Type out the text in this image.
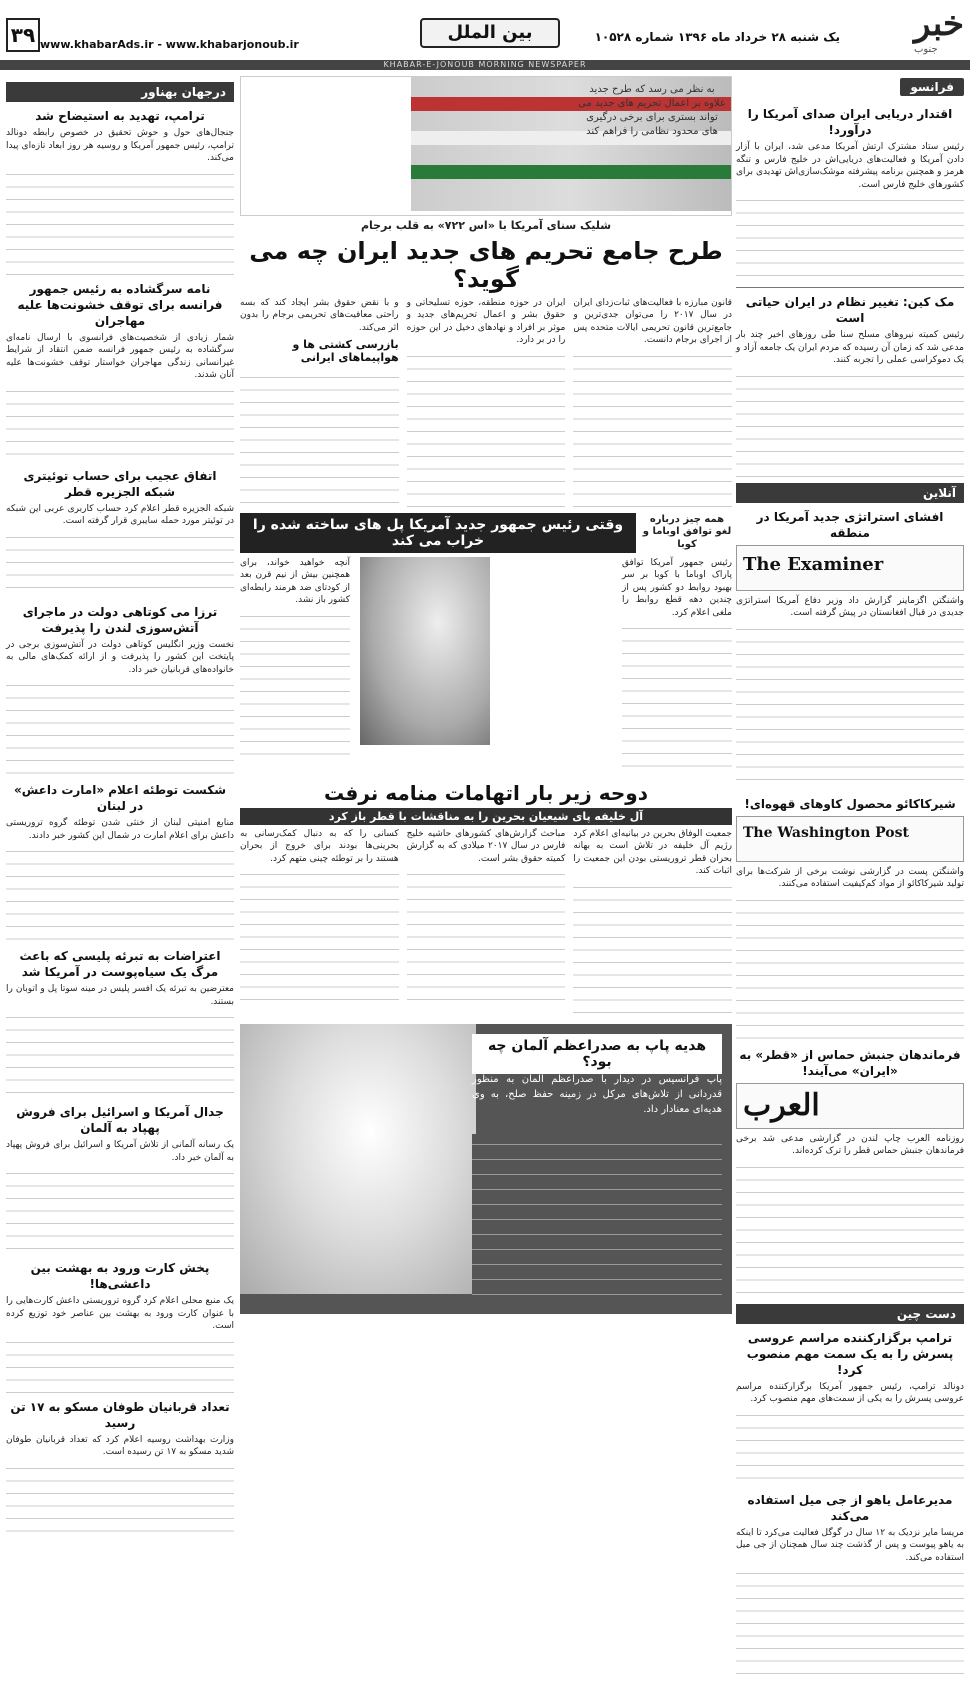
خبر
جنوب
یک شنبه ۲۸ خرداد ماه ۱۳۹۶ شماره ۱۰۵۲۸
بین الملل
www.khabarAds.ir - www.khabarjonoub.ir
۳۹
KHABAR-E-JONOUB MORNING NEWSPAPER
فرانسو
اقتدار دریایی ایران صدای آمریکا را درآورد!
رئیس ستاد مشترک ارتش آمریکا مدعی شد، ایران با آزار دادن آمریکا و فعالیت‌های دریایی‌اش در خلیج فارس و تنگه هرمز و همچنین برنامه پیشرفته موشک‌سازی‌اش تهدیدی برای کشورهای خلیج فارس است.
مک کین: تغییر نظام در ایران حیاتی است
رئیس کمیته نیروهای مسلح سنا طی روزهای اخیر چند بار مدعی شد که زمان آن رسیده که مردم ایران یک جامعه آزاد و یک دموکراسی عملی را تجربه کنند.
آنلاین
افشای استراتژی جدید آمریکا در منطقه
The Examiner
واشنگتن اگزماینر گزارش داد وزیر دفاع آمریکا استراتژی جدیدی در قبال افغانستان در پیش گرفته است.
شیرکاکائو محصول کاوهای قهوه‌ای!
The Washington Post
واشنگتن پست در گزارشی نوشت برخی از شرکت‌ها برای تولید شیرکاکائو از مواد کم‌کیفیت استفاده می‌کنند.
فرماندهان جنبش حماس از «قطر» به «ایران» می‌آیند!
العرب
روزنامه العرب چاپ لندن در گزارشی مدعی شد برخی فرماندهان جنبش حماس قطر را ترک کرده‌اند.
دست چین
ترامپ برگزارکننده مراسم عروسی پسرش را به یک سمت مهم منصوب کرد!
دونالد ترامپ، رئیس جمهور آمریکا برگزارکننده مراسم عروسی پسرش را به یکی از سمت‌های مهم منصوب کرد.
مدیرعامل یاهو از جی میل استفاده می‌کند
مریسا مایر نزدیک به ۱۲ سال در گوگل فعالیت می‌کرد تا اینکه به یاهو پیوست و پس از گذشت چند سال همچنان از جی میل استفاده می‌کند.
درجهان بهناور
ترامپ، تهدید به استیضاح شد
جنجال‌های حول و حوش تحقیق در خصوص رابطه دونالد ترامپ، رئیس جمهور آمریکا و روسیه هر روز ابعاد تازه‌ای پیدا می‌کند.
نامه سرگشاده به رئیس جمهور فرانسه برای توقف خشونت‌ها علیه مهاجران
شمار زیادی از شخصیت‌های فرانسوی با ارسال نامه‌ای سرگشاده به رئیس جمهور فرانسه ضمن انتقاد از شرایط غیرانسانی زندگی مهاجران خواستار توقف خشونت‌ها علیه آنان شدند.
اتفاق عجیب برای حساب توئیتری شبکه الجزیره قطر
شبکه الجزیره قطر اعلام کرد حساب کاربری عربی این شبکه در توئیتر مورد حمله سایبری قرار گرفته است.
ترزا می کوتاهی دولت در ماجرای آتش‌سوزی لندن را پذیرفت
نخست وزیر انگلیس کوتاهی دولت در آتش‌سوزی برجی در پایتخت این کشور را پذیرفت و از ارائه کمک‌های مالی به خانواده‌های قربانیان خبر داد.
شکست توطئه اعلام «امارت داعش» در لبنان
منابع امنیتی لبنان از خنثی شدن توطئه گروه تروریستی داعش برای اعلام امارت در شمال این کشور خبر دادند.
اعتراضات به تبرئه پلیسی که باعث مرگ یک سیاه‌پوست در آمریکا شد
معترضین به تبرئه یک افسر پلیس در مینه سوتا پل و اتوبان را بستند.
جدال آمریکا و اسرائیل برای فروش پهپاد به آلمان
یک رسانه آلمانی از تلاش آمریکا و اسرائیل برای فروش پهپاد به آلمان خبر داد.
پخش کارت ورود به بهشت بین داعشی‌ها!
یک منبع محلی اعلام کرد گروه تروریستی داعش کارت‌هایی را با عنوان کارت ورود به بهشت بین عناصر خود توزیع کرده است.
تعداد قربانیان طوفان مسکو به ۱۷ تن رسید
وزارت بهداشت روسیه اعلام کرد که تعداد قربانیان طوفان شدید مسکو به ۱۷ تن رسیده است.
به نظر می رسد که طرح جدید علاوه بر اعمال تحریم های جدید می تواند بستری برای برخی درگیری های محدود نظامی را فراهم کند
شلیک سنای آمریکا با «اس ۷۲۲» به قلب برجام
طرح جامع تحریم های جدید ایران چه می گوید؟
قانون مبارزه با فعالیت‌های ثبات‌زدای ایران در سال ۲۰۱۷ را می‌توان جدی‌ترین و جامع‌ترین قانون تحریمی ایالات متحده پس از اجرای برجام دانست.
ایران در حوزه منطقه، حوزه تسلیحاتی و حقوق بشر و اعمال تحریم‌های جدید و موثر بر افراد و نهادهای دخیل در این حوزه را در بر دارد.
و با نقض حقوق بشر ایجاد کند که بسه راحتی معافیت‌های تحریمی برجام را بدون اثر می‌کند.
بازرسی کشتی ها و هواپیماهای ایرانی
همه چیز درباره لغو توافق اوباما و کوبا
وقتی رئیس جمهور جدید آمریکا پل های ساخته شده را خراب می کند
رئیس جمهور آمریکا توافق پاراک اوباما با کوبا بر سر بهبود روابط دو کشور پس از چندین دهه قطع روابط را ملغی اعلام کرد.
آنچه خواهید خواند، برای همچنین بیش از نیم قرن بعد از کودتای ضد هرمند رابطه‌ای کشور باز نشد.
دوحه زیر بار اتهامات منامه نرفت
آل خلیفه پای شیعیان بحرین را به مناقشات با قطر باز کرد
جمعیت الوفاق بحرین در بیانیه‌ای اعلام کرد رژیم آل خلیفه در تلاش است به بهانه بحران قطر تروریستی بودن این جمعیت را اثبات کند.
مباحث گزارش‌های کشورهای حاشیه خلیج فارس در سال ۲۰۱۷ میلادی که به گزارش کمیته حقوق بشر است.
کسانی را که به دنبال کمک‌رسانی به بحرینی‌ها بودند برای خروج از بحران هستند را بر توطئه چینی متهم کرد.
هدیه پاپ به صدراعظم آلمان چه بود؟
پاپ فرانسیس در دیدار با صدراعظم آلمان به منظور قدردانی از تلاش‌های مرکل در زمینه حفظ صلح، به وی هدیه‌ای معنادار داد.
